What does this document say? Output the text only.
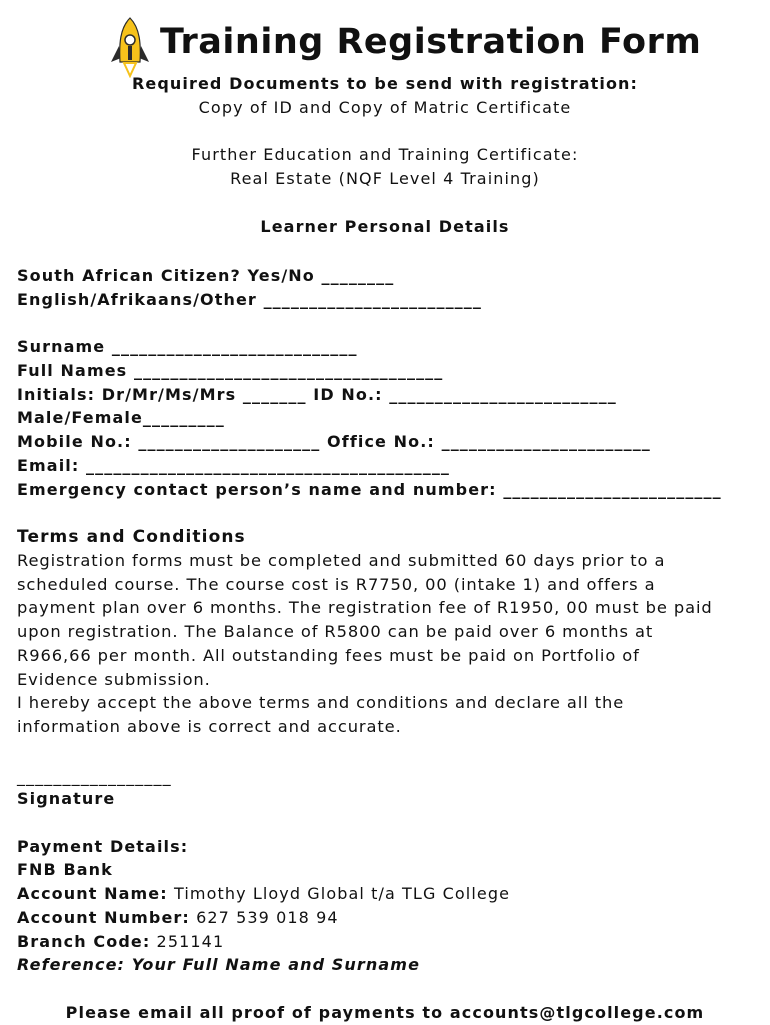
Training Registration Form
Required Documents to be send with registration:
Copy of ID and Copy of Matric Certificate
Further Education and Training Certificate:
Real Estate (NQF Level 4 Training)
Learner Personal Details
South African Citizen? Yes/No ________
English/Afrikaans/Other ________________________
Surname ___________________________
Full Names __________________________________
Initials: Dr/Mr/Ms/Mrs _______ ID No.: _________________________
Male/Female_________
Mobile No.: ____________________ Office No.: _______________________
Email: ________________________________________
Emergency contact person’s name and number: ________________________
Terms and Conditions
Registration forms must be completed and submitted 60 days prior to a
scheduled course. The course cost is R7750, 00 (intake 1) and offers a
payment plan over 6 months. The registration fee of R1950, 00 must be paid
upon registration. The Balance of R5800 can be paid over 6 months at
R966,66 per month. All outstanding fees must be paid on Portfolio of
Evidence submission.
I hereby accept the above terms and conditions and declare all the
information above is correct and accurate.
_________________
Signature
Payment Details:
FNB Bank
Account Name: Timothy Lloyd Global t/a TLG College
Account Number: 627 539 018 94
Branch Code: 251141
Reference: Your Full Name and Surname
Please email all proof of payments to accounts@tlgcollege.com
